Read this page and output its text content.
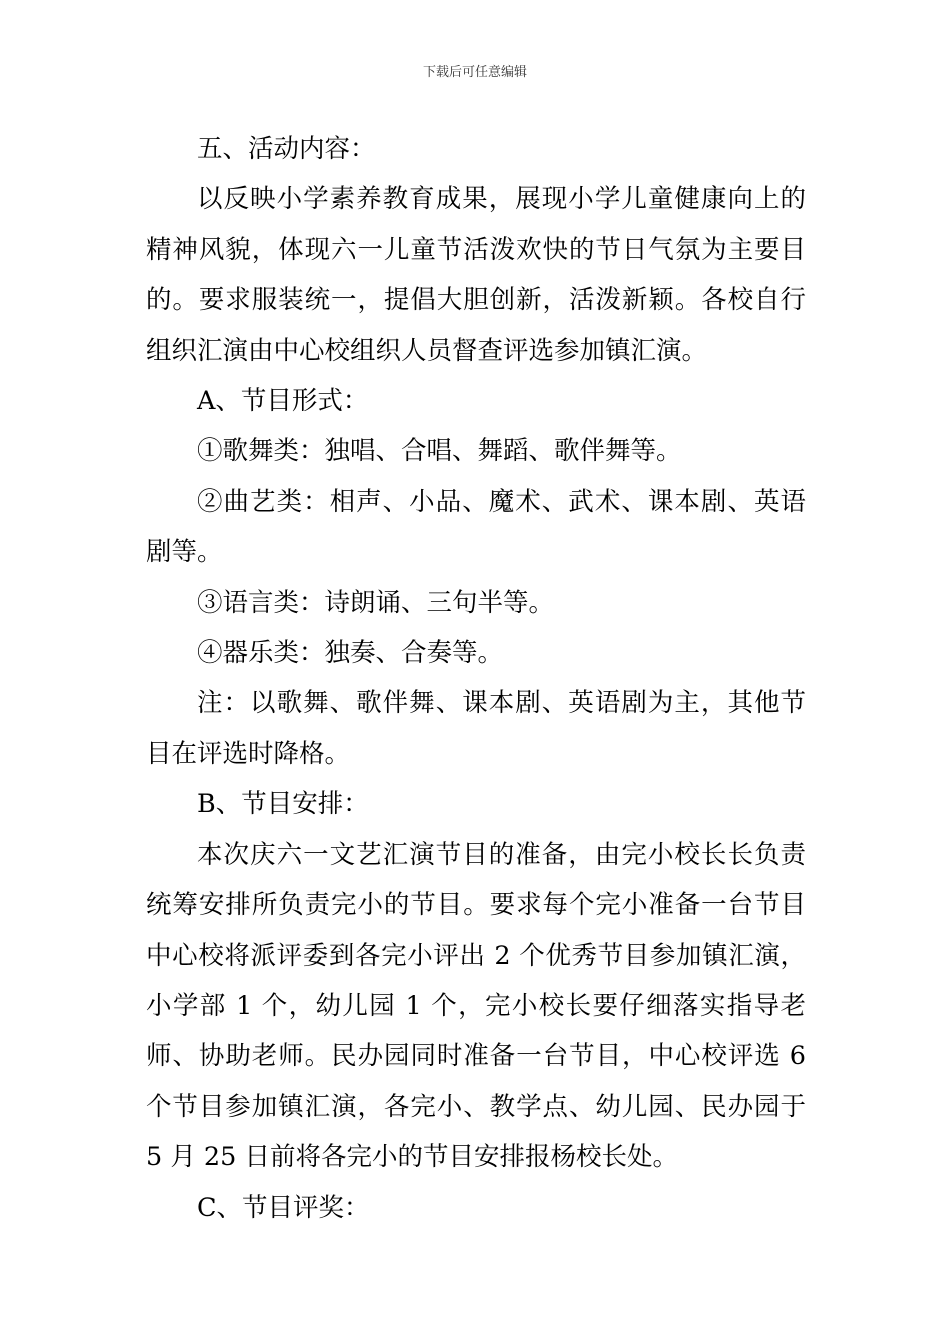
下载后可任意编辑

五、活动内容：

以反映小学素养教育成果，展现小学儿童健康向上的精神风貌，体现六一儿童节活泼欢快的节日气氛为主要目的。要求服装统一，提倡大胆创新，活泼新颖。各校自行组织汇演由中心校组织人员督查评选参加镇汇演。

A、节目形式：

①歌舞类：独唱、合唱、舞蹈、歌伴舞等。

②曲艺类：相声、小品、魔术、武术、课本剧、英语剧等。

③语言类：诗朗诵、三句半等。

④器乐类：独奏、合奏等。

注：以歌舞、歌伴舞、课本剧、英语剧为主，其他节目在评选时降格。

B、节目安排：

本次庆六一文艺汇演节目的准备，由完小校长长负责统筹安排所负责完小的节目。要求每个完小准备一台节目中心校将派评委到各完小评出 2 个优秀节目参加镇汇演，小学部 1 个，幼儿园 1 个，完小校长要仔细落实指导老师、协助老师。民办园同时准备一台节目，中心校评选 6 个节目参加镇汇演，各完小、教学点、幼儿园、民办园于 5 月 25 日前将各完小的节目安排报杨校长处。

C、节目评奖：
